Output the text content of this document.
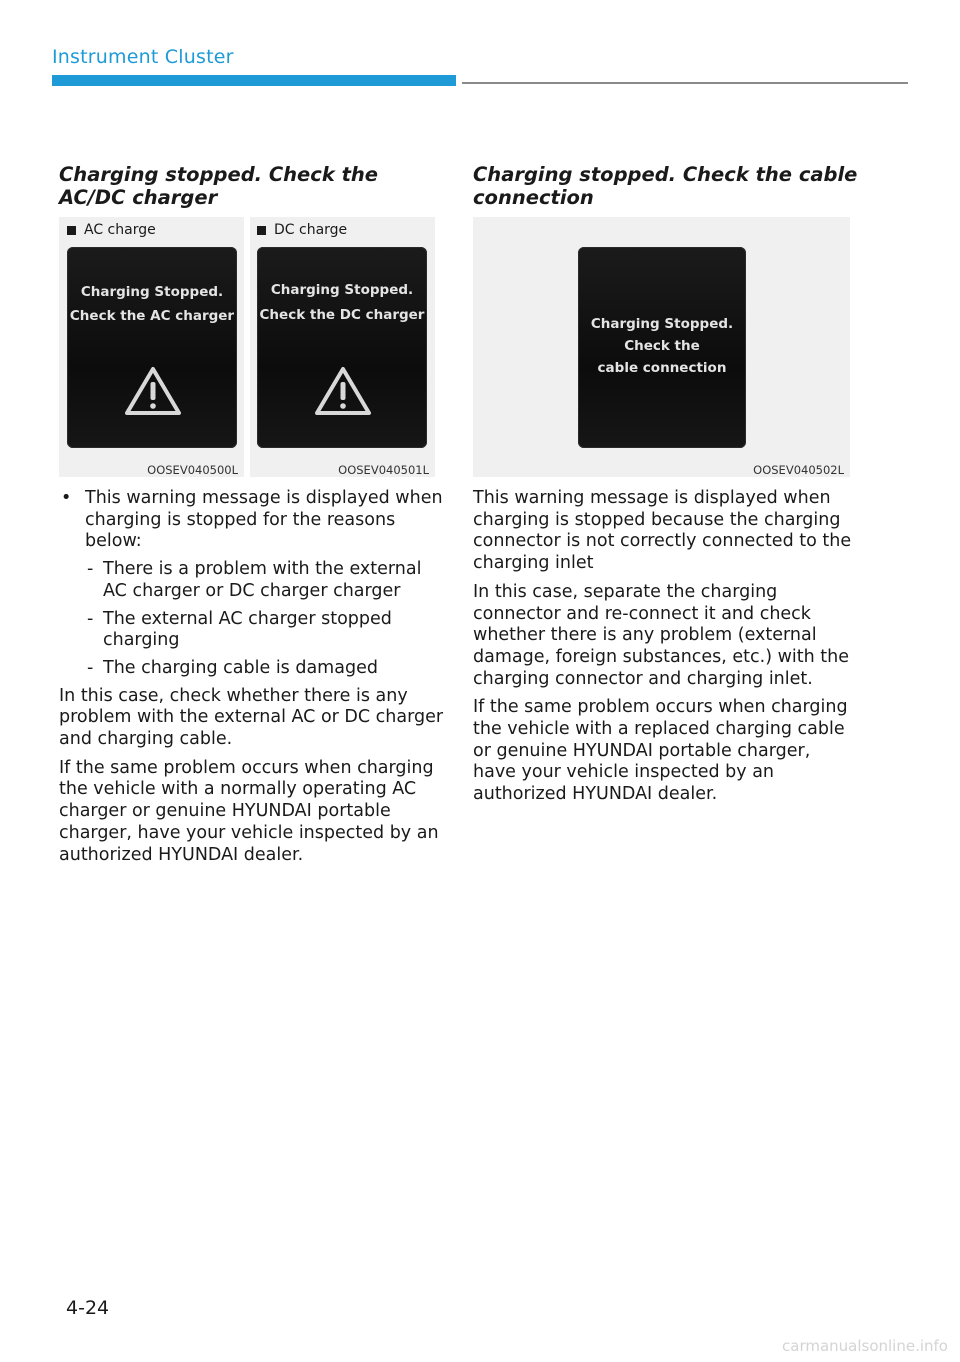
Instrument Cluster
Charging stopped. Check the AC/DC charger
AC charge
Charging Stopped.
Check the AC charger
OOSEV040500L
DC charge
Charging Stopped.
Check the DC charger
OOSEV040501L
• This warning message is displayed when charging is stopped for the reasons below:
- There is a problem with the external AC charger or DC charger charger
- The external AC charger stopped charging
- The charging cable is damaged

In this case, check whether there is any problem with the external AC or DC charger and charging cable.

If the same problem occurs when charging the vehicle with a normally operating AC charger or genuine HYUNDAI portable charger, have your vehicle inspected by an authorized HYUNDAI dealer.

Charging stopped. Check the cable connection
Charging Stopped.
Check the
cable connection
OOSEV040502L

This warning message is displayed when charging is stopped because the charging connector is not correctly connected to the charging inlet

In this case, separate the charging connector and re-connect it and check whether there is any problem (external damage, foreign substances, etc.) with the charging connector and charging inlet.

If the same problem occurs when charging the vehicle with a replaced charging cable or genuine HYUNDAI portable charger, have your vehicle inspected by an authorized HYUNDAI dealer.

4-24
carmanualsonline.info
